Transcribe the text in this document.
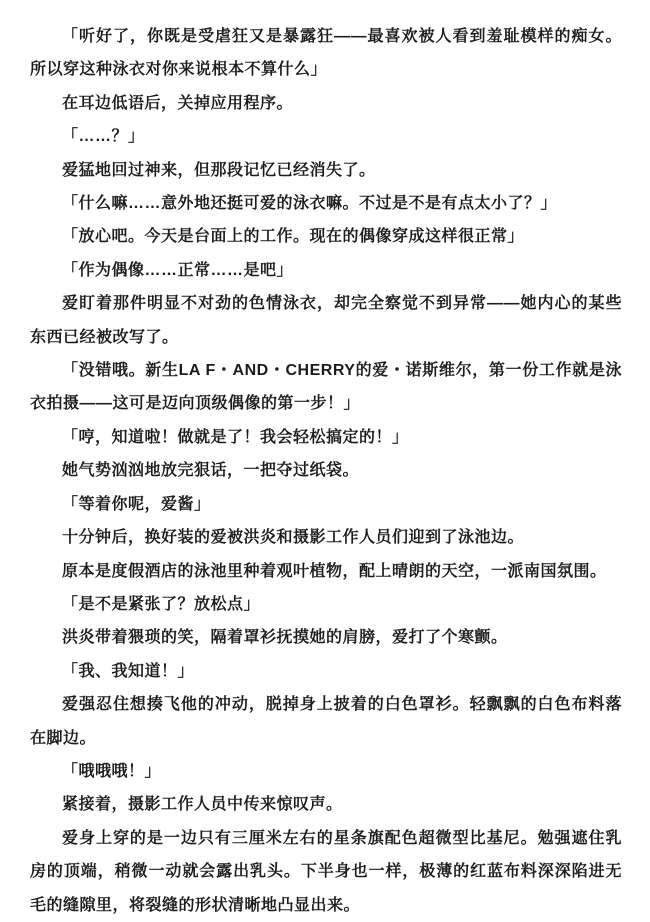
「听好了，你既是受虐狂又是暴露狂——最喜欢被人看到羞耻模样的痴女。所以穿这种泳衣对你来说根本不算什么」

在耳边低语后，关掉应用程序。

「……？」

爱猛地回过神来，但那段记忆已经消失了。

「什么嘛……意外地还挺可爱的泳衣嘛。不过是不是有点太小了？」

「放心吧。今天是台面上的工作。现在的偶像穿成这样很正常」

「作为偶像……正常……是吧」

爱盯着那件明显不对劲的色情泳衣，却完全察觉不到异常——她内心的某些东西已经被改写了。

「没错哦。新生LA F・AND・CHERRY的爱・诺斯维尔，第一份工作就是泳衣拍摄——这可是迈向顶级偶像的第一步！」

「哼，知道啦！做就是了！我会轻松搞定的！」

她气势汹汹地放完狠话，一把夺过纸袋。

「等着你呢，爱酱」

十分钟后，换好装的爱被洪炎和摄影工作人员们迎到了泳池边。

原本是度假酒店的泳池里种着观叶植物，配上晴朗的天空，一派南国氛围。

「是不是紧张了？放松点」

洪炎带着猥琐的笑，隔着罩衫抚摸她的肩膀，爱打了个寒颤。

「我、我知道！」

爱强忍住想揍飞他的冲动，脱掉身上披着的白色罩衫。轻飘飘的白色布料落在脚边。

「哦哦哦！」

紧接着，摄影工作人员中传来惊叹声。

爱身上穿的是一边只有三厘米左右的星条旗配色超微型比基尼。勉强遮住乳房的顶端，稍微一动就会露出乳头。下半身也一样，极薄的红蓝布料深深陷进无毛的缝隙里，将裂缝的形状清晰地凸显出来。
